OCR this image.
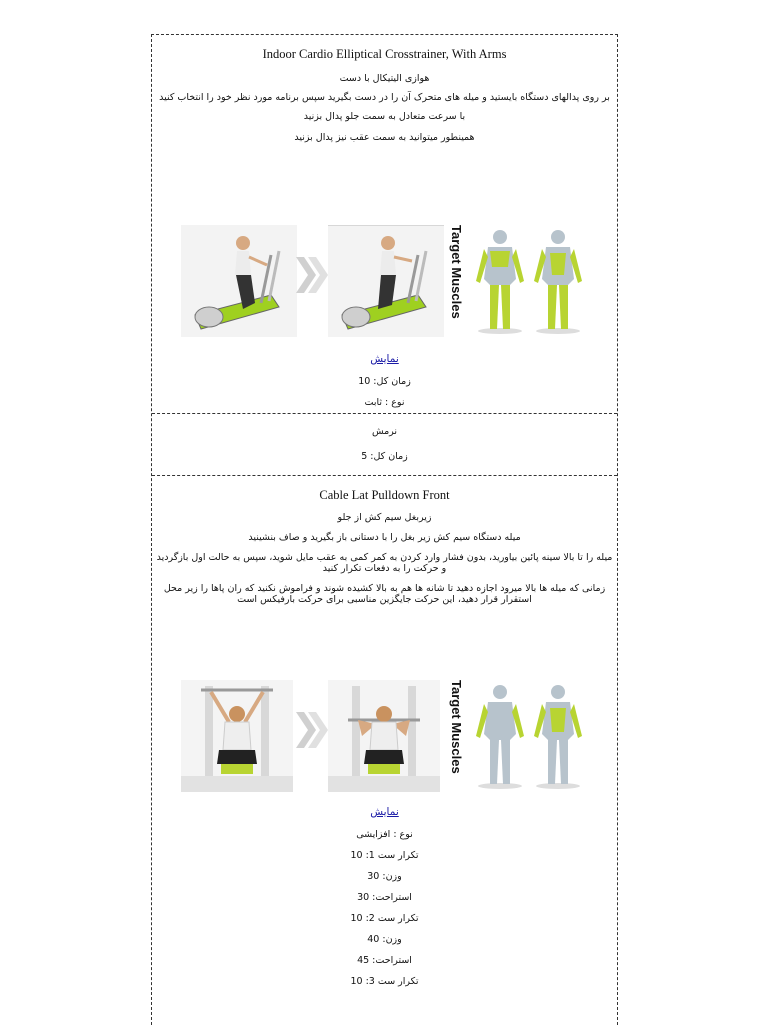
Indoor Cardio Elliptical Crosstrainer, With Arms

هوازی الیتیکال با دست

بر روی پدالهای دستگاه بایستید و میله های متحرک آن را در دست بگیرید سپس برنامه مورد نظر خود را انتخاب کنید

با سرعت متعادل به سمت جلو پدال بزنید

همینطور میتوانید به سمت عقب نیز پدال بزنید

Target Muscles
نمایش

زمان کل: 10

نوع : ثابت

نرمش

زمان کل: 5

Cable Lat Pulldown Front

زیربغل سیم کش از جلو

میله دستگاه سیم کش زیر بغل را با دستانی باز بگیرید و صاف بنشینید

میله را تا بالا سینه پائین بیاورید، بدون فشار وارد کردن به کمر کمی به عقب مایل شوید، سپس به حالت اول بازگردید و حرکت را به دفعات تکرار کنید

زمانی که میله ها بالا میرود اجازه دهید تا شانه ها هم به بالا کشیده شوند و فراموش نکنید که ران پاها را زیر محل استقرار قرار دهید، این حرکت جایگزین مناسبی برای حرکت بارفیکس است

Target Muscles
نمایش

نوع : افزایشی

تکرار ست 1: 10

وزن: 30

استراحت: 30

تکرار ست 2: 10

وزن: 40

استراحت: 45

تکرار ست 3: 10
